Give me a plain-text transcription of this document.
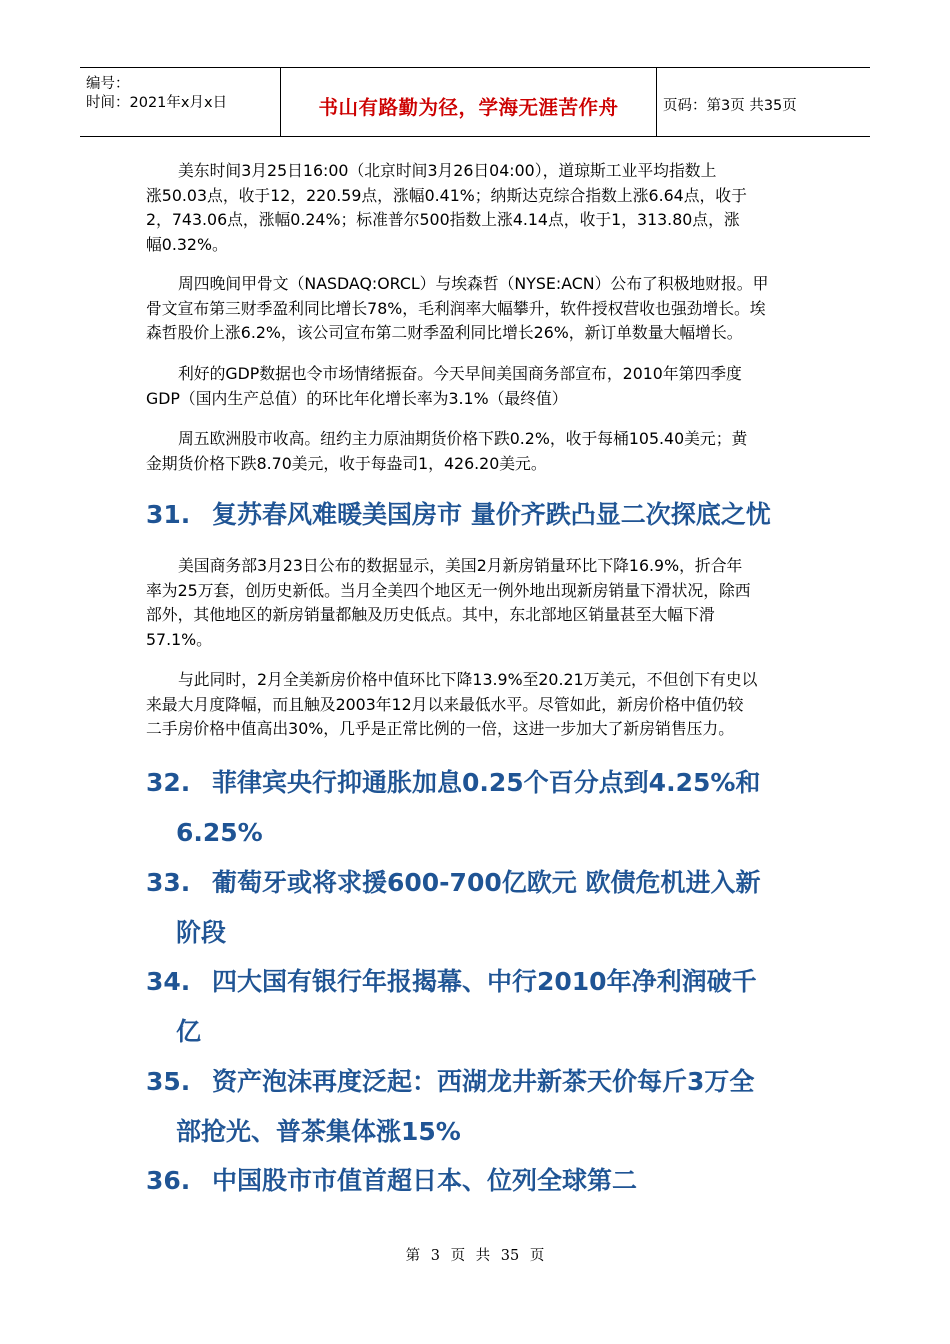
编号：
时间：2021年x月x日	书山有路勤为径，学海无涯苦作舟	页码：第3页 共35页
美东时间3月25日16:00（北京时间3月26日04:00），道琼斯工业平均指数上
涨50.03点，收于12，220.59点，涨幅0.41%；纳斯达克综合指数上涨6.64点，收于
2，743.06点，涨幅0.24%；标准普尔500指数上涨4.14点，收于1，313.80点，涨
幅0.32%。
周四晚间甲骨文（NASDAQ:ORCL）与埃森哲（NYSE:ACN）公布了积极地财报。甲
骨文宣布第三财季盈利同比增长78%，毛利润率大幅攀升，软件授权营收也强劲增长。埃
森哲股价上涨6.2%，该公司宣布第二财季盈利同比增长26%，新订单数量大幅增长。
利好的GDP数据也令市场情绪振奋。今天早间美国商务部宣布，2010年第四季度
GDP（国内生产总值）的环比年化增长率为3.1%（最终值）
周五欧洲股市收高。纽约主力原油期货价格下跌0.2%，收于每桶105.40美元；黄
金期货价格下跌8.70美元，收于每盎司1，426.20美元。
31. 复苏春风难暖美国房市 量价齐跌凸显二次探底之忧
美国商务部3月23日公布的数据显示，美国2月新房销量环比下降16.9%，折合年
率为25万套，创历史新低。当月全美四个地区无一例外地出现新房销量下滑状况，除西
部外，其他地区的新房销量都触及历史低点。其中，东北部地区销量甚至大幅下滑
57.1%。
与此同时，2月全美新房价格中值环比下降13.9%至20.21万美元，不但创下有史以
来最大月度降幅，而且触及2003年12月以来最低水平。尽管如此，新房价格中值仍较
二手房价格中值高出30%，几乎是正常比例的一倍，这进一步加大了新房销售压力。
32. 菲律宾央行抑通胀加息0.25个百分点到4.25%和
6.25%
33. 葡萄牙或将求援600-700亿欧元 欧债危机进入新
阶段
34. 四大国有银行年报揭幕、中行2010年净利润破千
亿
35. 资产泡沫再度泛起：西湖龙井新茶天价每斤3万全
部抢光、普茶集体涨15%
36. 中国股市市值首超日本、位列全球第二
第 3 页 共 35 页
